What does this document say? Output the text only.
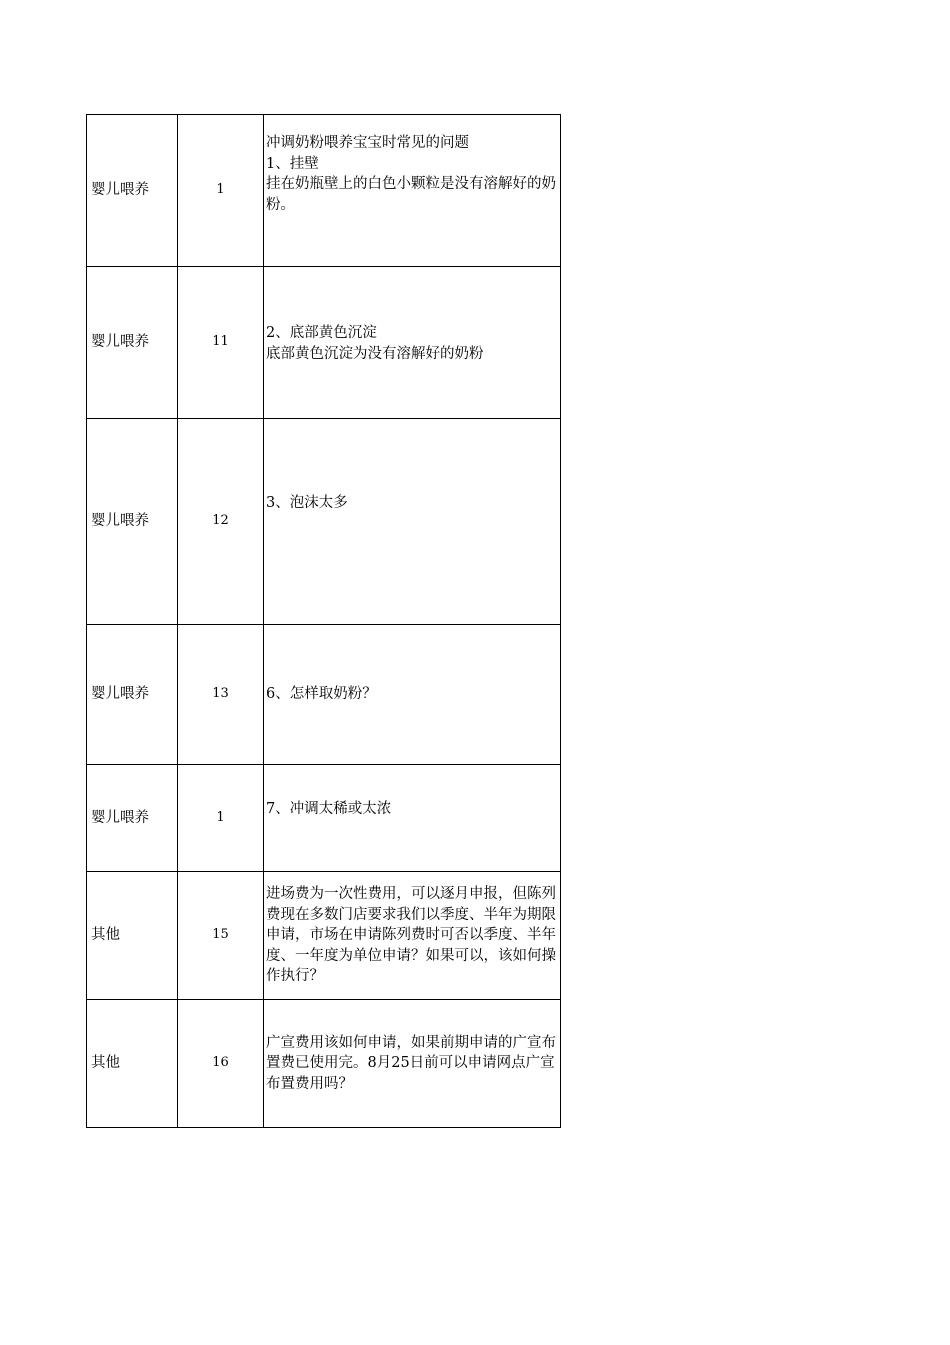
婴儿喂养	1	冲调奶粉喂养宝宝时常见的问题
1、挂壁
挂在奶瓶壁上的白色小颗粒是没有溶解好的奶粉。

婴儿喂养	11	2、底部黄色沉淀
底部黄色沉淀为没有溶解好的奶粉

婴儿喂养	12	3、泡沫太多

婴儿喂养	13	6、怎样取奶粉？

婴儿喂养	1	7、冲调太稀或太浓

其他	15	进场费为一次性费用，可以逐月申报，但陈列费现在多数门店要求我们以季度、半年为期限申请，市场在申请陈列费时可否以季度、半年度、一年度为单位申请？如果可以，该如何操作执行？

其他	16	广宣费用该如何申请，如果前期申请的广宣布置费已使用完。8月25日前可以申请网点广宣布置费用吗？
